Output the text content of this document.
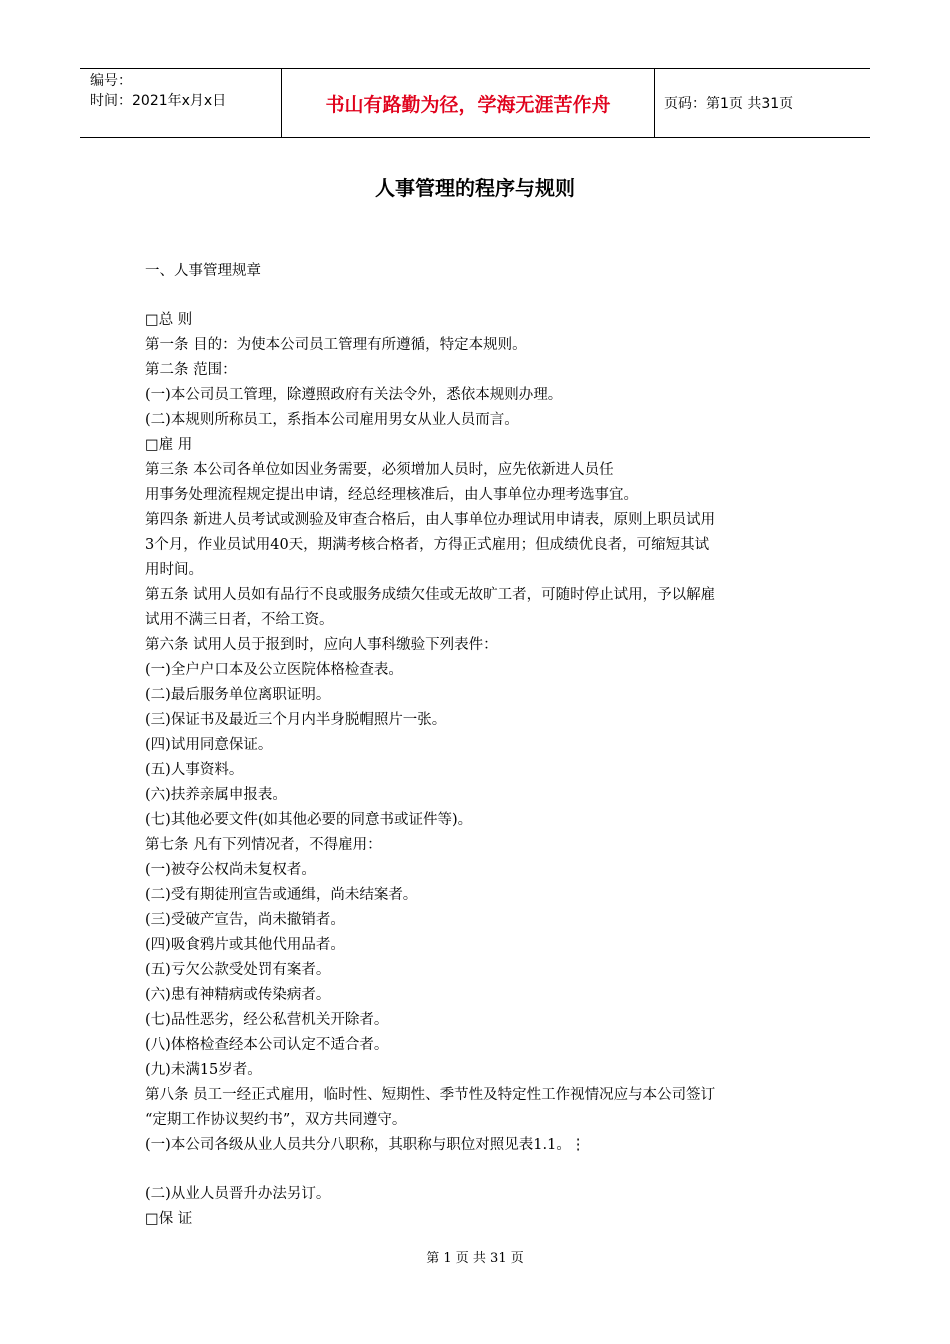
编号：
时间：2021年x月x日	书山有路勤为径，学海无涯苦作舟	页码：第1页 共31页
人事管理的程序与规则
一、人事管理规章
□总 则
第一条 目的：为使本公司员工管理有所遵循，特定本规则。
第二条 范围：
(一)本公司员工管理，除遵照政府有关法令外，悉依本规则办理。
(二)本规则所称员工，系指本公司雇用男女从业人员而言。
□雇 用
第三条 本公司各单位如因业务需要，必须增加人员时，应先依新进人员任
用事务处理流程规定提出申请，经总经理核准后，由人事单位办理考选事宜。
第四条 新进人员考试或测验及审查合格后，由人事单位办理试用申请表，原则上职员试用
3个月，作业员试用40天，期满考核合格者，方得正式雇用；但成绩优良者，可缩短其试
用时间。
第五条 试用人员如有品行不良或服务成绩欠佳或无故旷工者，可随时停止试用，予以解雇
试用不满三日者，不给工资。
第六条 试用人员于报到时，应向人事科缴验下列表件：
(一)全户户口本及公立医院体格检查表。
(二)最后服务单位离职证明。
(三)保证书及最近三个月内半身脱帽照片一张。
(四)试用同意保证。
(五)人事资料。
(六)扶养亲属申报表。
(七)其他必要文件(如其他必要的同意书或证件等)。
第七条 凡有下列情况者，不得雇用：
(一)被夺公权尚未复权者。
(二)受有期徒刑宣告或通缉，尚未结案者。
(三)受破产宣告，尚未撤销者。
(四)吸食鸦片或其他代用品者。
(五)亏欠公款受处罚有案者。
(六)患有神精病或传染病者。
(七)品性恶劣，经公私营机关开除者。
(八)体格检查经本公司认定不适合者。
(九)未满15岁者。
第八条 员工一经正式雇用，临时性、短期性、季节性及特定性工作视情况应与本公司签订
“定期工作协议契约书”，双方共同遵守。
(一)本公司各级从业人员共分八职称，其职称与职位对照见表1.1。⋮
(二)从业人员晋升办法另订。
□保 证
第 1 页 共 31 页
